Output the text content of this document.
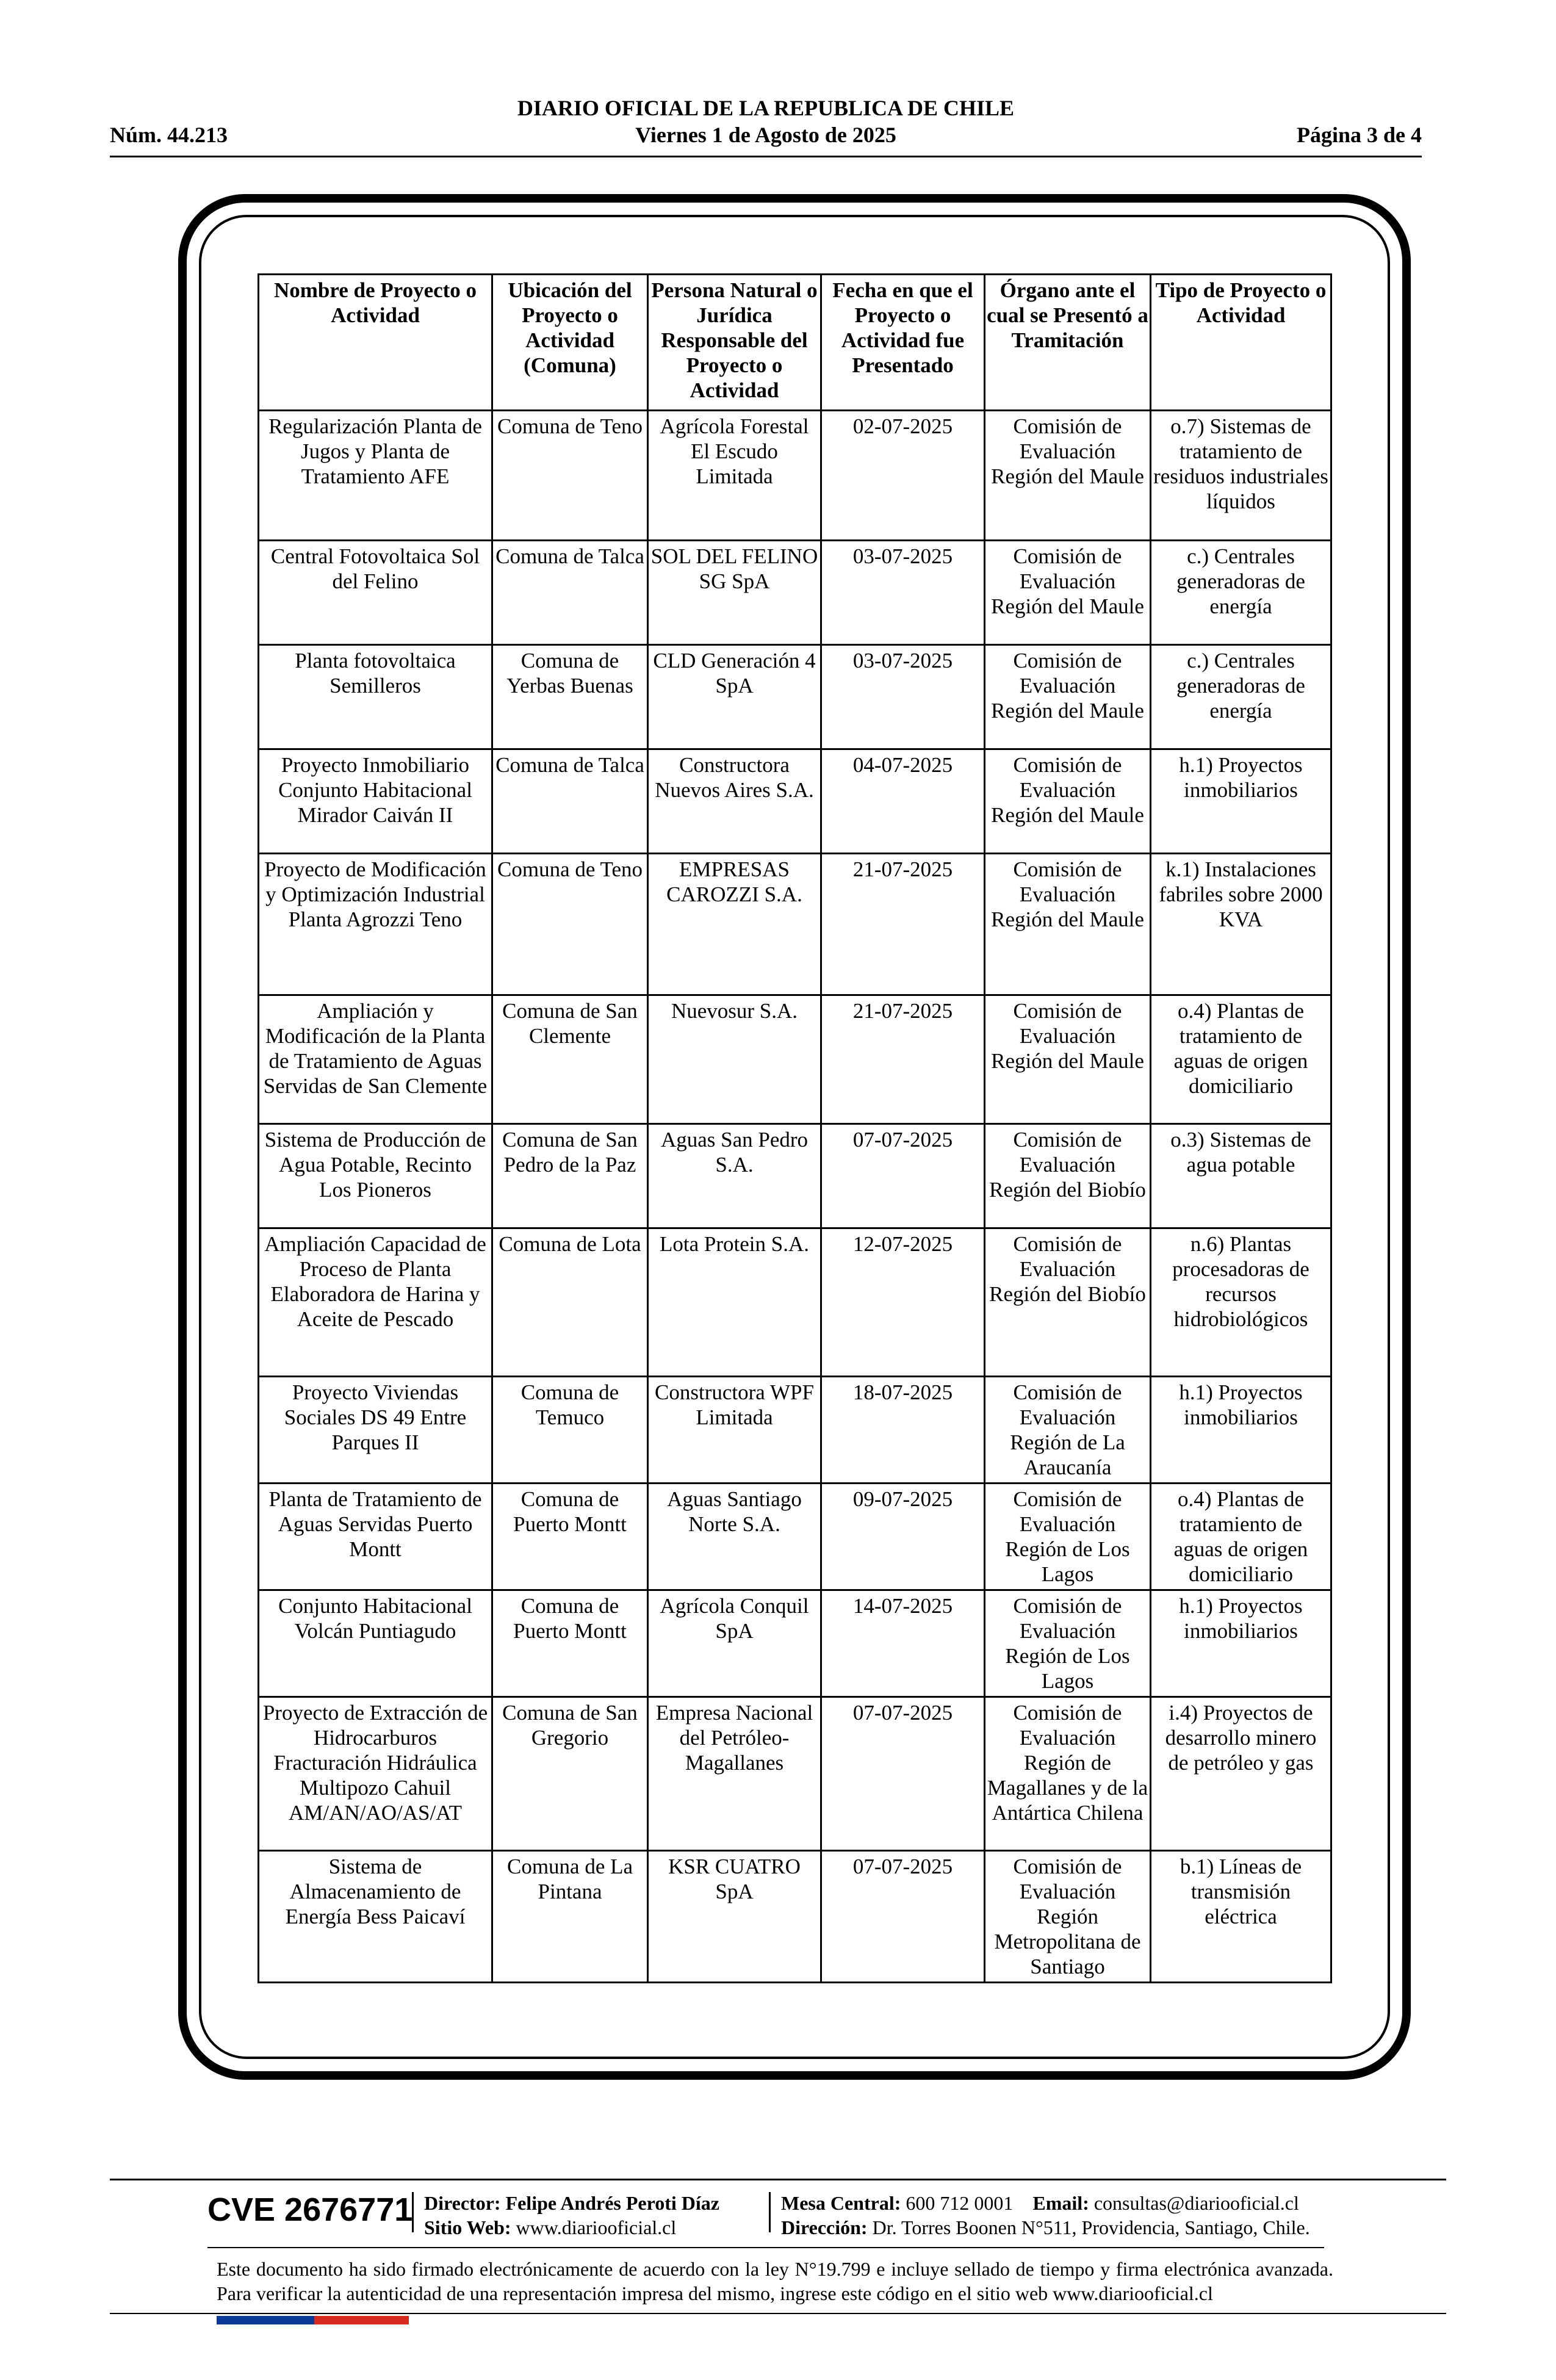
DIARIO OFICIAL DE LA REPUBLICA DE CHILE
Núm. 44.213	Viernes 1 de Agosto de 2025	Página 3 de 4
Nombre de Proyecto o Actividad	Ubicación del Proyecto o Actividad (Comuna)	Persona Natural o Jurídica Responsable del Proyecto o Actividad	Fecha en que el Proyecto o Actividad fue Presentado	Órgano ante el cual se Presentó a Tramitación	Tipo de Proyecto o Actividad
Regularización Planta de Jugos y Planta de Tratamiento AFE	Comuna de Teno	Agrícola Forestal El Escudo Limitada	02-07-2025	Comisión de Evaluación Región del Maule	o.7) Sistemas de tratamiento de residuos industriales líquidos
Central Fotovoltaica Sol del Felino	Comuna de Talca	SOL DEL FELINO SG SpA	03-07-2025	Comisión de Evaluación Región del Maule	c.) Centrales generadoras de energía
Planta fotovoltaica Semilleros	Comuna de Yerbas Buenas	CLD Generación 4 SpA	03-07-2025	Comisión de Evaluación Región del Maule	c.) Centrales generadoras de energía
Proyecto Inmobiliario Conjunto Habitacional Mirador Caiván II	Comuna de Talca	Constructora Nuevos Aires S.A.	04-07-2025	Comisión de Evaluación Región del Maule	h.1) Proyectos inmobiliarios
Proyecto de Modificación y Optimización Industrial Planta Agrozzi Teno	Comuna de Teno	EMPRESAS CAROZZI S.A.	21-07-2025	Comisión de Evaluación Región del Maule	k.1) Instalaciones fabriles sobre 2000 KVA
Ampliación y Modificación de la Planta de Tratamiento de Aguas Servidas de San Clemente	Comuna de San Clemente	Nuevosur S.A.	21-07-2025	Comisión de Evaluación Región del Maule	o.4) Plantas de tratamiento de aguas de origen domiciliario
Sistema de Producción de Agua Potable, Recinto Los Pioneros	Comuna de San Pedro de la Paz	Aguas San Pedro S.A.	07-07-2025	Comisión de Evaluación Región del Biobío	o.3) Sistemas de agua potable
Ampliación Capacidad de Proceso de Planta Elaboradora de Harina y Aceite de Pescado	Comuna de Lota	Lota Protein S.A.	12-07-2025	Comisión de Evaluación Región del Biobío	n.6) Plantas procesadoras de recursos hidrobiológicos
Proyecto Viviendas Sociales DS 49 Entre Parques II	Comuna de Temuco	Constructora WPF Limitada	18-07-2025	Comisión de Evaluación Región de La Araucanía	h.1) Proyectos inmobiliarios
Planta de Tratamiento de Aguas Servidas Puerto Montt	Comuna de Puerto Montt	Aguas Santiago Norte S.A.	09-07-2025	Comisión de Evaluación Región de Los Lagos	o.4) Plantas de tratamiento de aguas de origen domiciliario
Conjunto Habitacional Volcán Puntiagudo	Comuna de Puerto Montt	Agrícola Conquil SpA	14-07-2025	Comisión de Evaluación Región de Los Lagos	h.1) Proyectos inmobiliarios
Proyecto de Extracción de Hidrocarburos Fracturación Hidráulica Multipozo Cahuil AM/AN/AO/AS/AT	Comuna de San Gregorio	Empresa Nacional del Petróleo-Magallanes	07-07-2025	Comisión de Evaluación Región de Magallanes y de la Antártica Chilena	i.4) Proyectos de desarrollo minero de petróleo y gas
Sistema de Almacenamiento de Energía Bess Paicaví	Comuna de La Pintana	KSR CUATRO SpA	07-07-2025	Comisión de Evaluación Región Metropolitana de Santiago	b.1) Líneas de transmisión eléctrica
CVE 2676771 Director: Felipe Andrés Peroti Díaz
Sitio Web: www.diariooficial.cl
Mesa Central: 600 712 0001 Email: consultas@diariooficial.cl
Dirección: Dr. Torres Boonen N°511, Providencia, Santiago, Chile.
Este documento ha sido firmado electrónicamente de acuerdo con la ley N°19.799 e incluye sellado de tiempo y firma electrónica avanzada. Para verificar la autenticidad de una representación impresa del mismo, ingrese este código en el sitio web www.diariooficial.cl
